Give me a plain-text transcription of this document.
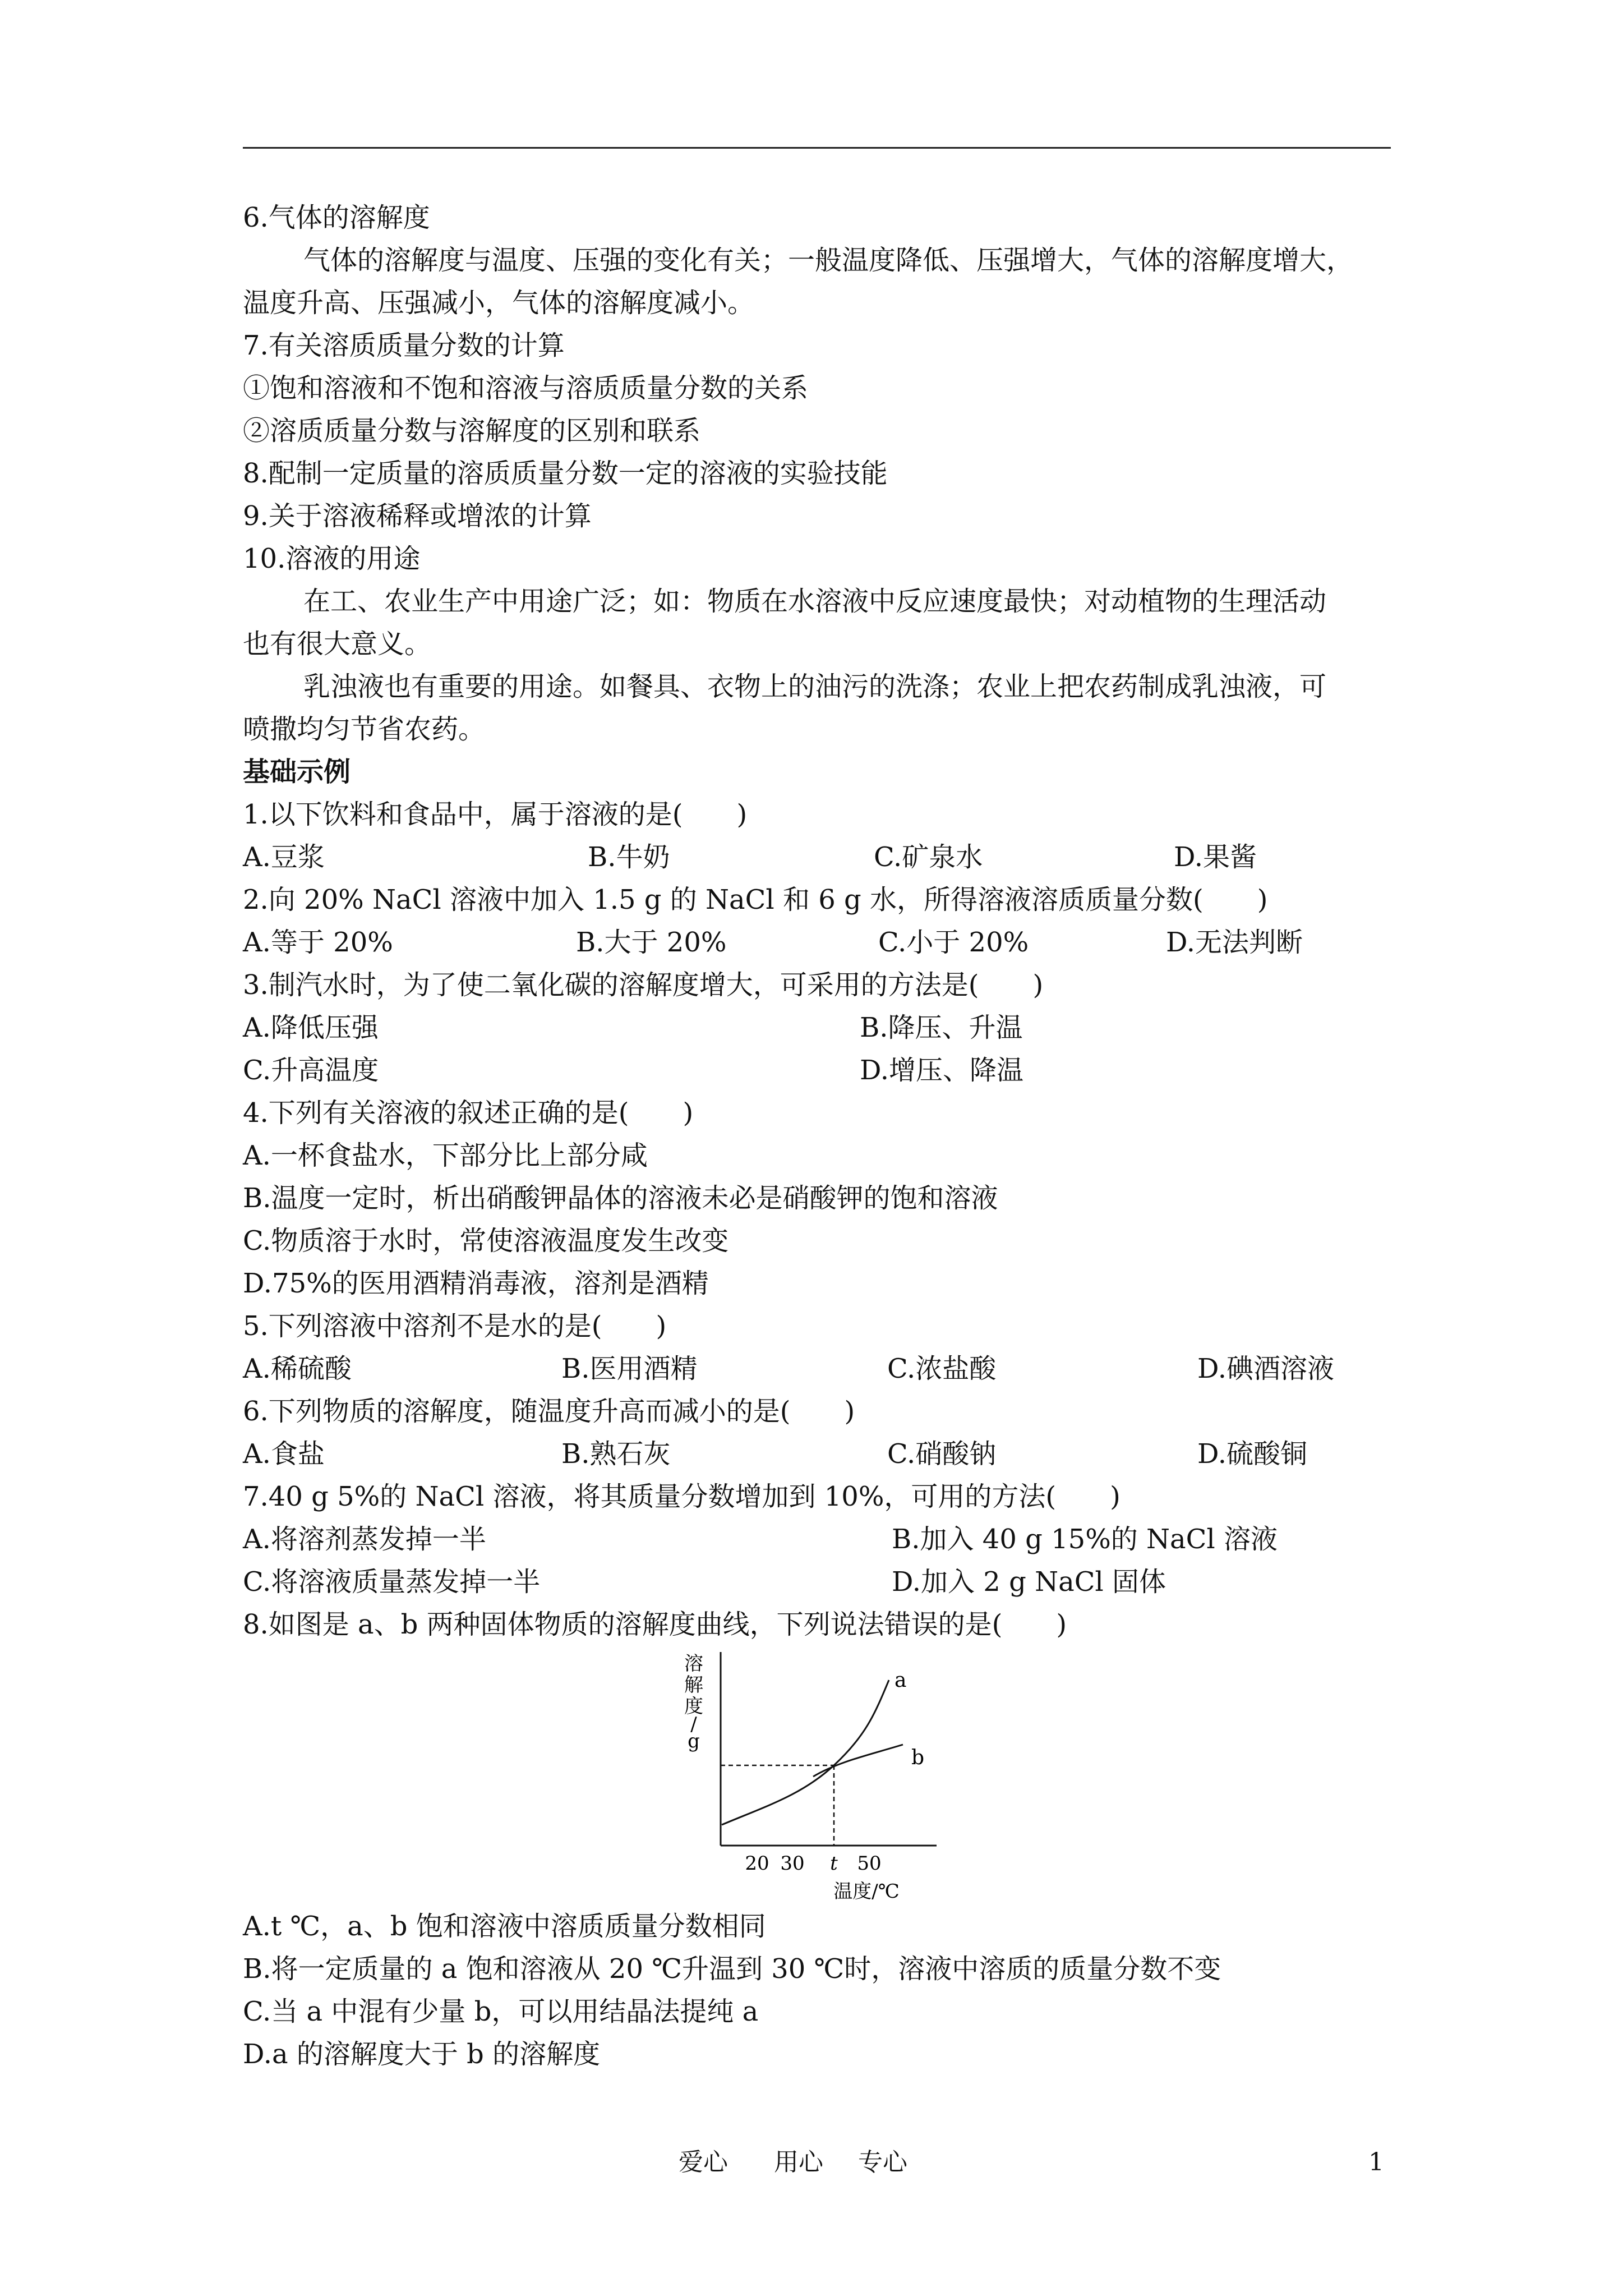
6.气体的溶解度
气体的溶解度与温度、压强的变化有关；一般温度降低、压强增大，气体的溶解度增大，
温度升高、压强减小，气体的溶解度减小。
7.有关溶质质量分数的计算
①饱和溶液和不饱和溶液与溶质质量分数的关系
②溶质质量分数与溶解度的区别和联系
8.配制一定质量的溶质质量分数一定的溶液的实验技能
9.关于溶液稀释或增浓的计算
10.溶液的用途
在工、农业生产中用途广泛；如：物质在水溶液中反应速度最快；对动植物的生理活动
也有很大意义。
乳浊液也有重要的用途。如餐具、衣物上的油污的洗涤；农业上把农药制成乳浊液，可
喷撒均匀节省农药。
基础示例
1.以下饮料和食品中，属于溶液的是(　　)
A.豆浆	B.牛奶	C.矿泉水	D.果酱
2.向 20% NaCl 溶液中加入 1.5 g 的 NaCl 和 6 g 水，所得溶液溶质质量分数(　　)
A.等于 20%	B.大于 20%	C.小于 20%	D.无法判断
3.制汽水时，为了使二氧化碳的溶解度增大，可采用的方法是(　　)
A.降低压强	B.降压、升温
C.升高温度	D.增压、降温
4.下列有关溶液的叙述正确的是(　　)
A.一杯食盐水，下部分比上部分咸
B.温度一定时，析出硝酸钾晶体的溶液未必是硝酸钾的饱和溶液
C.物质溶于水时，常使溶液温度发生改变
D.75%的医用酒精消毒液，溶剂是酒精
5.下列溶液中溶剂不是水的是(　　)
A.稀硫酸	B.医用酒精	C.浓盐酸	D.碘酒溶液
6.下列物质的溶解度，随温度升高而减小的是(　　)
A.食盐	B.熟石灰	C.硝酸钠	D.硫酸铜
7.40 g 5%的 NaCl 溶液，将其质量分数增加到 10%，可用的方法(　　)
A.将溶剂蒸发掉一半	B.加入 40 g 15%的 NaCl 溶液
C.将溶液质量蒸发掉一半	D.加入 2 g NaCl 固体
8.如图是 a、b 两种固体物质的溶解度曲线，下列说法错误的是(　　)
溶
解
度
/
g
a
b
20 30 t 50
温度/℃
A.t ℃，a、b 饱和溶液中溶质质量分数相同
B.将一定质量的 a 饱和溶液从 20 ℃升温到 30 ℃时，溶液中溶质的质量分数不变
C.当 a 中混有少量 b，可以用结晶法提纯 a
D.a 的溶解度大于 b 的溶解度
爱心 用心 专心	1
